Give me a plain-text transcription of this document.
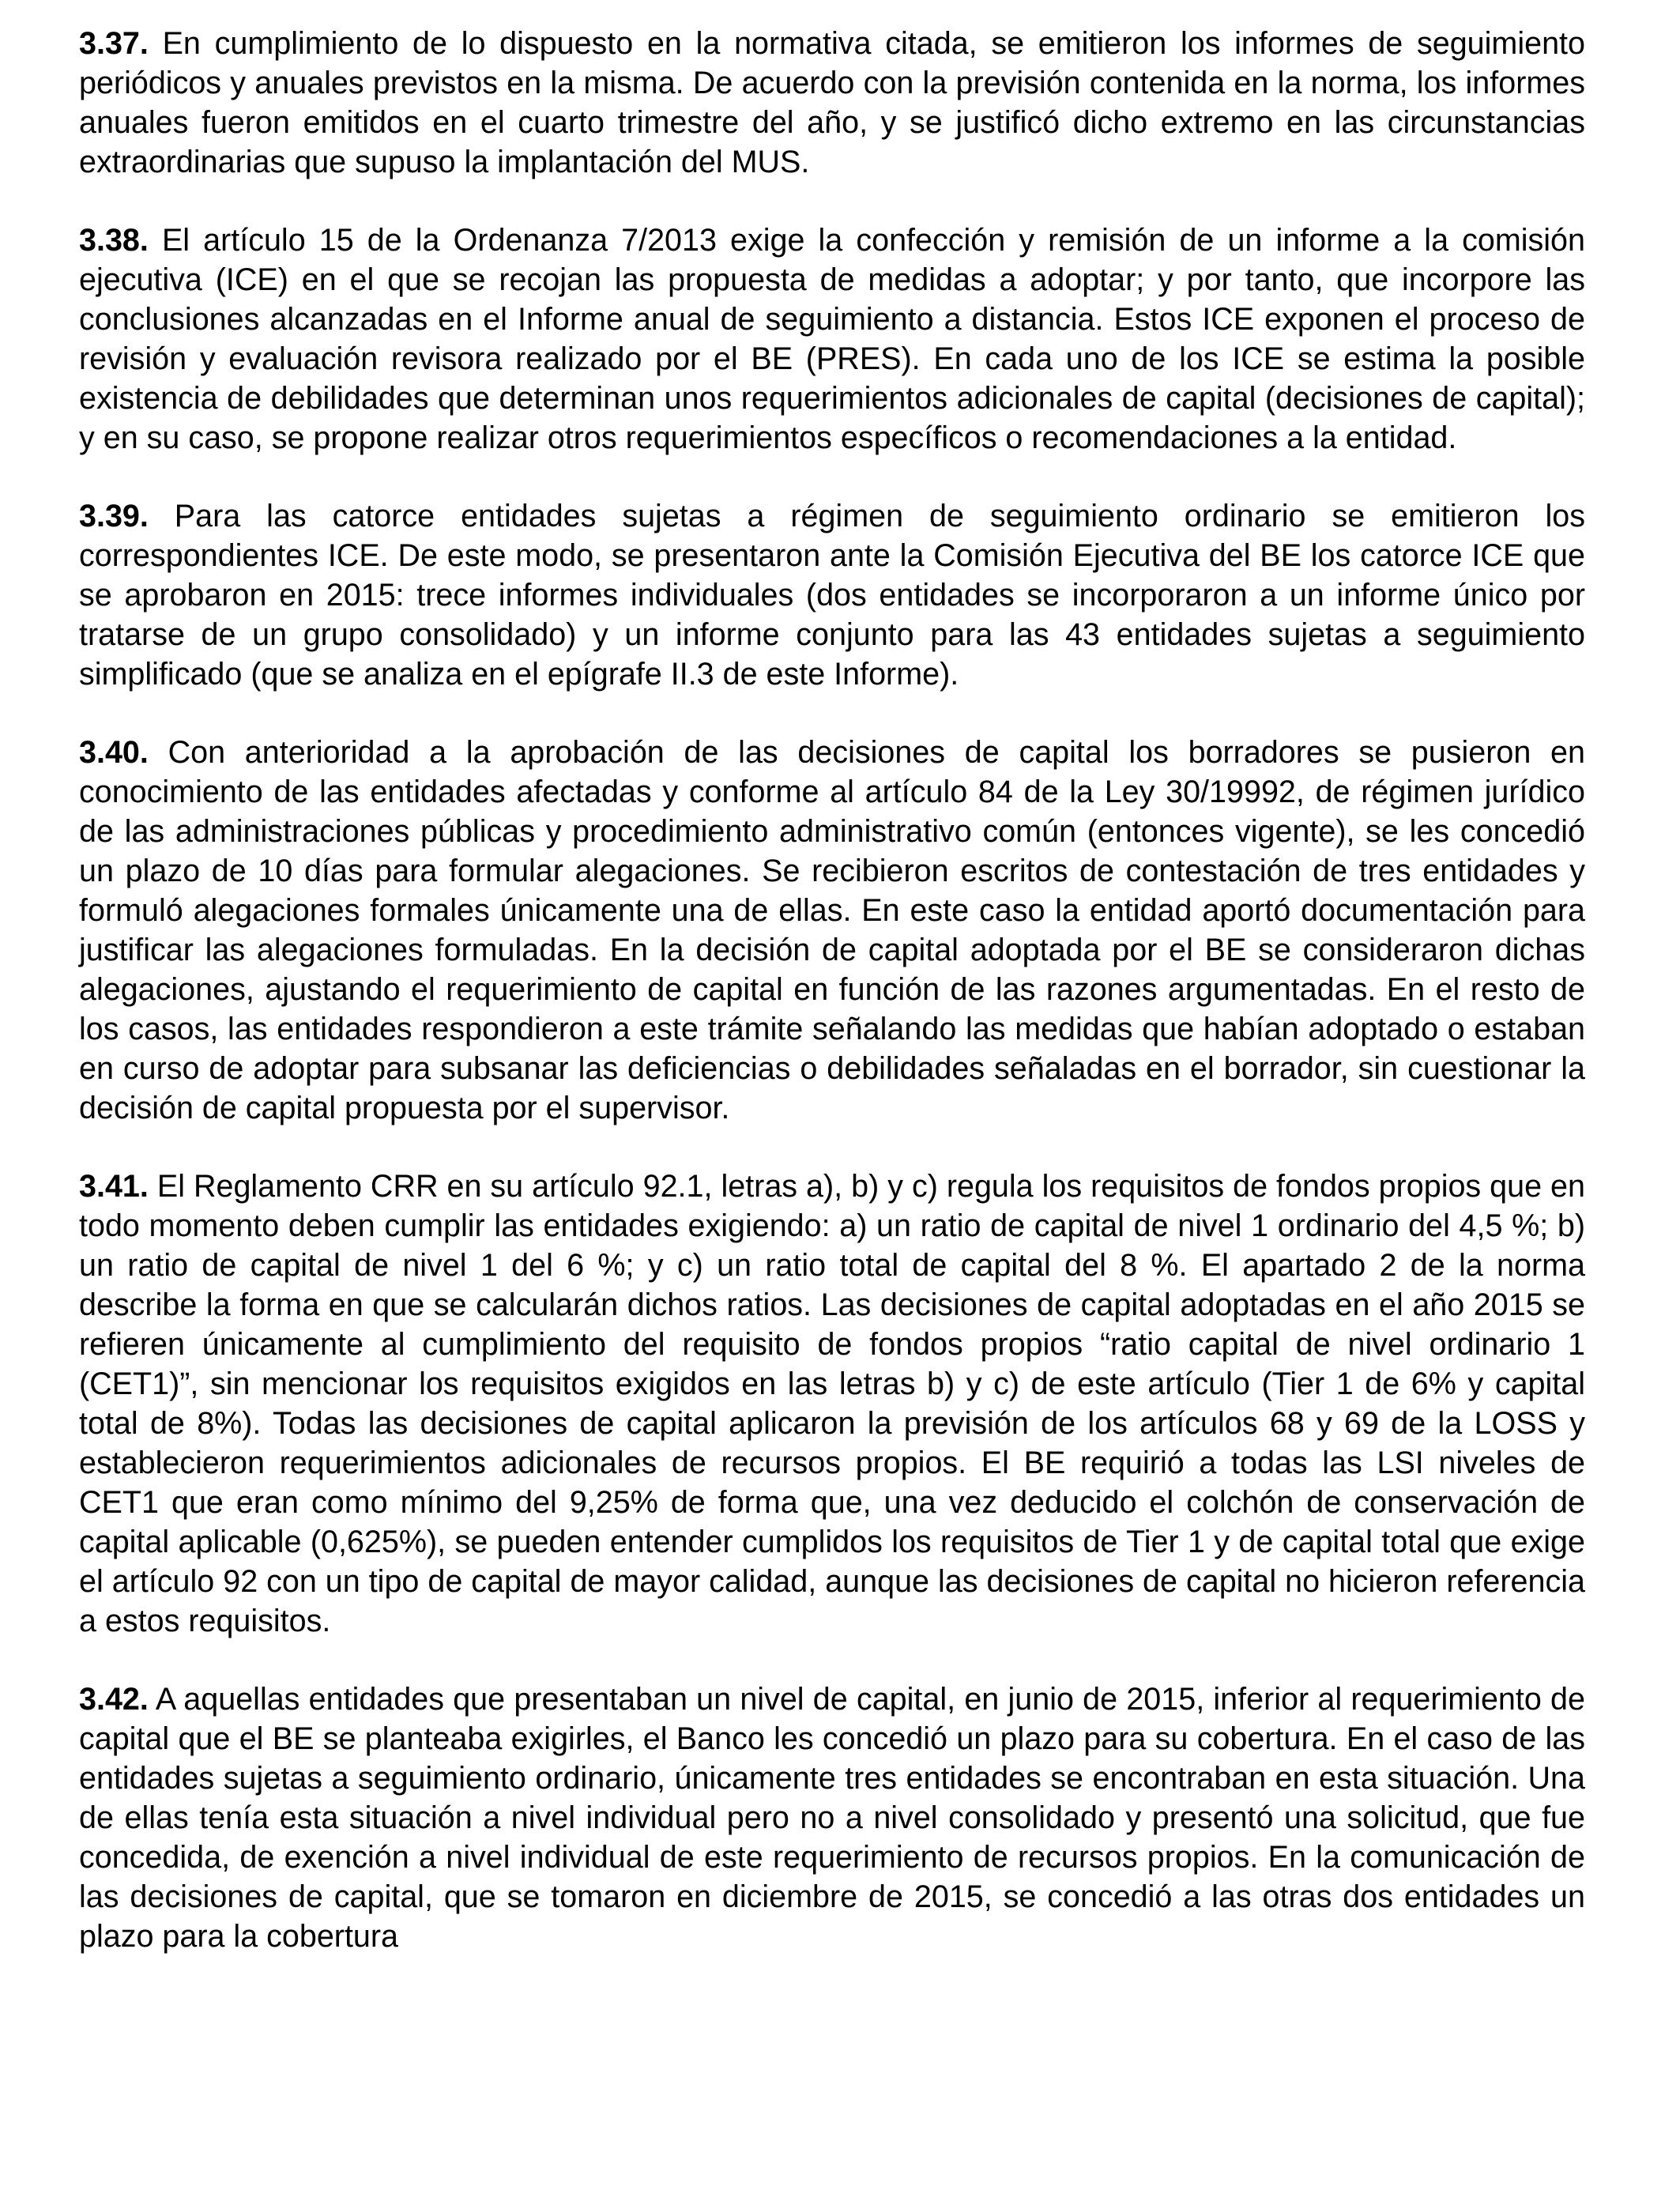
3.37. En cumplimiento de lo dispuesto en la normativa citada, se emitieron los informes de seguimiento periódicos y anuales previstos en la misma. De acuerdo con la previsión contenida en la norma, los informes anuales fueron emitidos en el cuarto trimestre del año, y se justificó dicho extremo en las circunstancias extraordinarias que supuso la implantación del MUS.

3.38. El artículo 15 de la Ordenanza 7/2013 exige la confección y remisión de un informe a la comisión ejecutiva (ICE) en el que se recojan las propuesta de medidas a adoptar; y por tanto, que incorpore las conclusiones alcanzadas en el Informe anual de seguimiento a distancia. Estos ICE exponen el proceso de revisión y evaluación revisora realizado por el BE (PRES). En cada uno de los ICE se estima la posible existencia de debilidades que determinan unos requerimientos adicionales de capital (decisiones de capital); y en su caso, se propone realizar otros requerimientos específicos o recomendaciones a la entidad.

3.39. Para las catorce entidades sujetas a régimen de seguimiento ordinario se emitieron los correspondientes ICE. De este modo, se presentaron ante la Comisión Ejecutiva del BE los catorce ICE que se aprobaron en 2015: trece informes individuales (dos entidades se incorporaron a un informe único por tratarse de un grupo consolidado) y un informe conjunto para las 43 entidades sujetas a seguimiento simplificado (que se analiza en el epígrafe II.3 de este Informe).

3.40. Con anterioridad a la aprobación de las decisiones de capital los borradores se pusieron en conocimiento de las entidades afectadas y conforme al artículo 84 de la Ley 30/19992, de régimen jurídico de las administraciones públicas y procedimiento administrativo común (entonces vigente), se les concedió un plazo de 10 días para formular alegaciones. Se recibieron escritos de contestación de tres entidades y formuló alegaciones formales únicamente una de ellas. En este caso la entidad aportó documentación para justificar las alegaciones formuladas. En la decisión de capital adoptada por el BE se consideraron dichas alegaciones, ajustando el requerimiento de capital en función de las razones argumentadas. En el resto de los casos, las entidades respondieron a este trámite señalando las medidas que habían adoptado o estaban en curso de adoptar para subsanar las deficiencias o debilidades señaladas en el borrador, sin cuestionar la decisión de capital propuesta por el supervisor.

3.41. El Reglamento CRR en su artículo 92.1, letras a), b) y c) regula los requisitos de fondos propios que en todo momento deben cumplir las entidades exigiendo: a) un ratio de capital de nivel 1 ordinario del 4,5 %; b) un ratio de capital de nivel 1 del 6 %; y c) un ratio total de capital del 8 %. El apartado 2 de la norma describe la forma en que se calcularán dichos ratios. Las decisiones de capital adoptadas en el año 2015 se refieren únicamente al cumplimiento del requisito de fondos propios “ratio capital de nivel ordinario 1 (CET1)”, sin mencionar los requisitos exigidos en las letras b) y c) de este artículo (Tier 1 de 6% y capital total de 8%). Todas las decisiones de capital aplicaron la previsión de los artículos 68 y 69 de la LOSS y establecieron requerimientos adicionales de recursos propios. El BE requirió a todas las LSI niveles de CET1 que eran como mínimo del 9,25% de forma que, una vez deducido el colchón de conservación de capital aplicable (0,625%), se pueden entender cumplidos los requisitos de Tier 1 y de capital total que exige el artículo 92 con un tipo de capital de mayor calidad, aunque las decisiones de capital no hicieron referencia a estos requisitos.

3.42. A aquellas entidades que presentaban un nivel de capital, en junio de 2015, inferior al requerimiento de capital que el BE se planteaba exigirles, el Banco les concedió un plazo para su cobertura. En el caso de las entidades sujetas a seguimiento ordinario, únicamente tres entidades se encontraban en esta situación. Una de ellas tenía esta situación a nivel individual pero no a nivel consolidado y presentó una solicitud, que fue concedida, de exención a nivel individual de este requerimiento de recursos propios. En la comunicación de las decisiones de capital, que se tomaron en diciembre de 2015, se concedió a las otras dos entidades un plazo para la cobertura
